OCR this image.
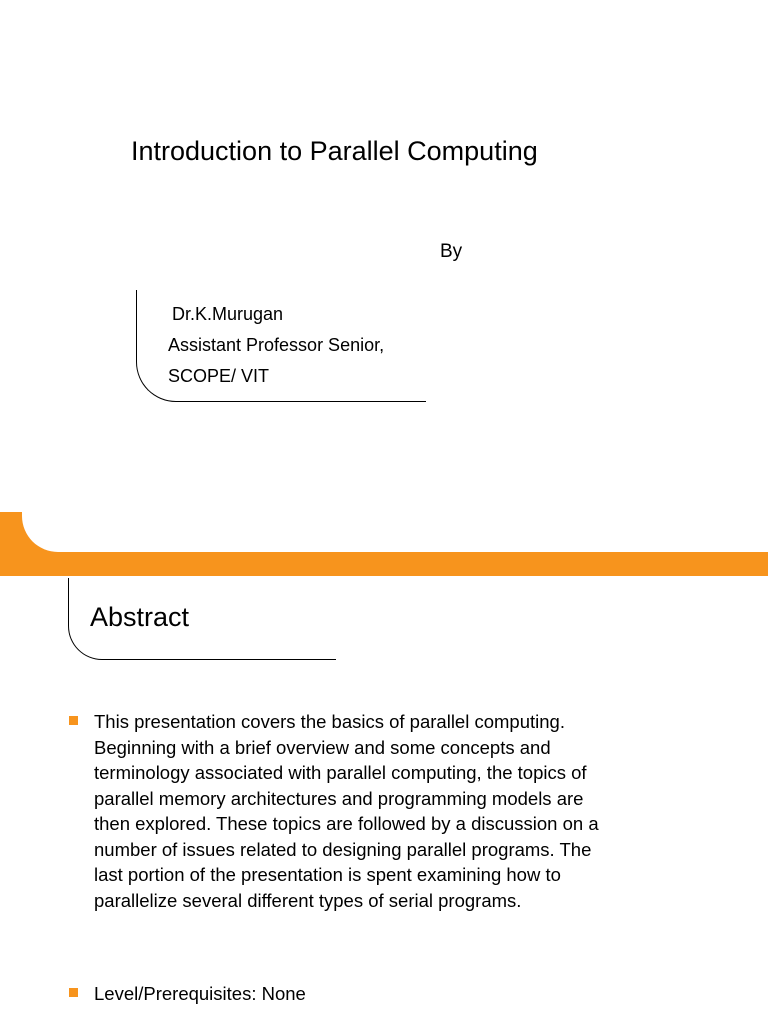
Introduction to Parallel Computing
By
Dr.K.Murugan
Assistant Professor Senior,
SCOPE/ VIT
Abstract
This presentation covers the basics of parallel computing.
Beginning with a brief overview and some concepts and
terminology associated with parallel computing, the topics of
parallel memory architectures and programming models are
then explored. These topics are followed by a discussion on a
number of issues related to designing parallel programs. The
last portion of the presentation is spent examining how to
parallelize several different types of serial programs.
Level/Prerequisites: None
